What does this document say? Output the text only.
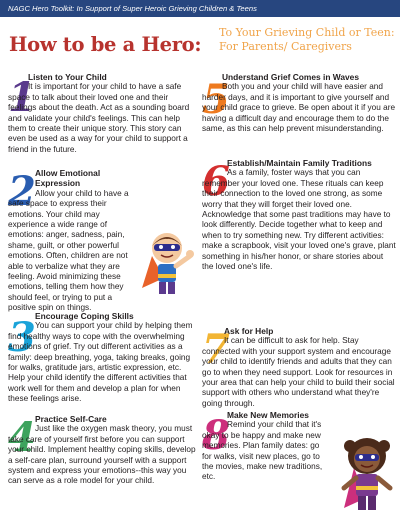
NAGC Hero Toolkit: In Support of Super Heroic Grieving Children & Teens
How to be a Hero:
To Your Grieving Child or Teen:
For Parents/ Caregivers
1
Listen to Your Child

It is important for your child to have a safe space to talk about their loved one and their feelings about the death. Act as a sounding board and validate your child's feelings. This can help them to create their unique story. This story can even be used as a way for your child to support a friend in the future.

2 Allow Emotional Expression

Allow your child to have a safe space to express their emotions. Your child may experience a wide range of emotions: anger, sadness, pain, shame, guilt, or other powerful emotions. Often, children are not able to verbalize what they are feeling. Avoid minimizing these emotions, telling them how they should feel, or trying to put a positive spin on things.

3 Encourage Coping Skills

You can support your child by helping them find healthy ways to cope with the overwhelming emotions of grief. Try out different activities as a family: deep breathing, yoga, taking breaks, going for walks, gratitude jars, artistic expression, etc. Help your child identify the different activities that work well for them and develop a plan for when these feelings arise.

4 Practice Self-Care

Just like the oxygen mask theory, you must take care of yourself first before you can support your child. Implement healthy coping skills, develop a self-care plan, surround yourself with a support system and express your emotions--this way you can serve as a role model for your child.

5
Understand Grief Comes in Waves

Both you and your child will have easier and harder days, and it is important to give yourself and your child grace to grieve. Be open about it if you are having a difficult day and encourage them to do the same, as this can help prevent misunderstanding.

6
Establish/Maintain Family Traditions

As a family, foster ways that you can remember your loved one. These rituals can keep their connection to the loved one strong, as some worry that they will forget their loved one. Acknowledge that some past traditions may have to look differently. Decide together what to keep and when to try something new. Try different activities: make a scrapbook, visit your loved one's grave, plant something in his/her honor, or share stories about the loved one's life.

7
Ask for Help

It can be difficult to ask for help. Stay connected with your support system and encourage your child to identify friends and adults that they can go to when they need support. Look for resources in your area that can help your child to build their social support with others who understand what they're going through.

8
Make New Memories

Remind your child that it's okay to be happy and make new memories. Plan family dates: go for walks, visit new places, go to the movies, make new traditions, etc.
